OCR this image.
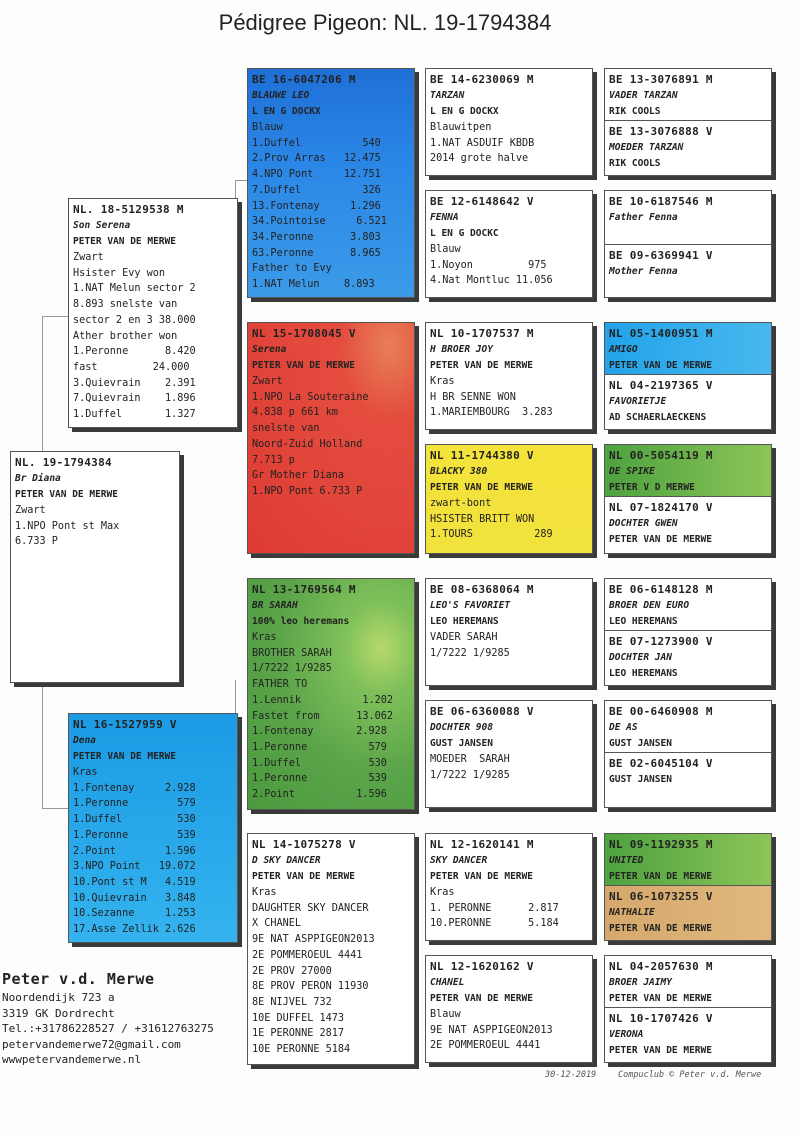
Pédigree Pigeon: NL. 19-1794384
NL. 19-1794384
Br Diana
PETER VAN DE MERWE
Zwart
1.NPO Pont st Max
6.733 P
NL. 18-5129538 M
Son Serena
PETER VAN DE MERWE
Zwart
Hsister Evy won
1.NAT Melun sector 2
8.893 snelste van
sector 2 en 3 38.000
Ather brother won
1.Peronne      8.420
fast         24.000
3.Quievrain    2.391
7.Quievrain    1.896
1.Duffel       1.327
NL 16-1527959 V
Dena
PETER VAN DE MERWE
Kras
1.Fontenay     2.928
1.Peronne        579
1.Duffel         530
1.Peronne        539
2.Point        1.596
3.NPO Point   19.072
10.Pont st M   4.519
10.Quievrain   3.848
10.Sezanne     1.253
17.Asse Zellik 2.626
BE 16-6047206 M
BLAUWE LEO
L EN G DOCKX
Blauw
1.Duffel          540
2.Prov Arras   12.475
4.NPO Pont     12.751
7.Duffel          326
13.Fontenay     1.296
34.Pointoise     6.521
34.Peronne      3.803
63.Peronne      8.965
Father to Evy
1.NAT Melun    8.893
NL 15-1708045 V
Serena
PETER VAN DE MERWE
Zwart
1.NPO La Souteraine
4.838 p 661 km
snelste van
Noord-Zuid Holland
7.713 p
Gr Mother Diana
1.NPO Pont 6.733 P
NL 13-1769564 M
BR SARAH
100% leo heremans
Kras
BROTHER SARAH
1/7222 1/9285
FATHER TO
1.Lennik          1.202
Fastet from      13.062
1.Fontenay       2.928
1.Peronne          579
1.Duffel           530
1.Peronne          539
2.Point          1.596
NL 14-1075278 V
D SKY DANCER
PETER VAN DE MERWE
Kras
DAUGHTER SKY DANCER
X CHANEL
9E NAT ASPPIGEON2013
2E POMMEROEUL 4441
2E PROV 27000
8E PROV PERON 11930
8E NIJVEL 732
10E DUFFEL 1473
1E PERONNE 2817
10E PERONNE 5184
BE 14-6230069 M
TARZAN
L EN G DOCKX
Blauwitpen
1.NAT ASDUIF KBDB
2014 grote halve
BE 12-6148642 V
FENNA
L EN G DOCKC
Blauw
1.Noyon         975
4.Nat Montluc 11.056
NL 10-1707537 M
H BROER JOY
PETER VAN DE MERWE
Kras
H BR SENNE WON
1.MARIEMBOURG  3.283
NL 11-1744380 V
BLACKY 380
PETER VAN DE MERWE
zwart-bont
HSISTER BRITT WON
1.TOURS          289
BE 08-6368064 M
LEO'S FAVORIET
LEO HEREMANS
VADER SARAH
1/7222 1/9285
BE 06-6360088 V
DOCHTER 908
GUST JANSEN
MOEDER  SARAH
1/7222 1/9285
NL 12-1620141 M
SKY DANCER
PETER VAN DE MERWE
Kras
1. PERONNE      2.817
10.PERONNE      5.184
NL 12-1620162 V
CHANEL
PETER VAN DE MERWE
Blauw
9E NAT ASPPIGEON2013
2E POMMEROEUL 4441
BE 13-3076891 M
VADER TARZAN
RIK COOLS
BE 13-3076888 V
MOEDER TARZAN
RIK COOLS
BE 10-6187546 M
Father Fenna
BE 09-6369941 V
Mother Fenna
NL 05-1400951 M
AMIGO
PETER VAN DE MERWE
NL 04-2197365 V
FAVORIETJE
AD SCHAERLAECKENS
NL 00-5054119 M
DE SPIKE
PETER V D MERWE
NL 07-1824170 V
DOCHTER GWEN
PETER VAN DE MERWE
BE 06-6148128 M
BROER DEN EURO
LEO HEREMANS
BE 07-1273900 V
DOCHTER JAN
LEO HEREMANS
BE 00-6460908 M
DE AS
GUST JANSEN
BE 02-6045104 V
GUST JANSEN
NL 09-1192935 M
UNITED
PETER VAN DE MERWE
NL 06-1073255 V
NATHALIE
PETER VAN DE MERWE
NL 04-2057630 M
BROER JAIMY
PETER VAN DE MERWE
NL 10-1707426 V
VERONA
PETER VAN DE MERWE
Peter v.d. Merwe
Noordendijk 723 a
3319 GK Dordrecht
Tel.:+31786228527 / +31612763275
petervandemerwe72@gmail.com
wwwpetervandemerwe.nl
30-12-2019	Compuclub © Peter v.d. Merwe
